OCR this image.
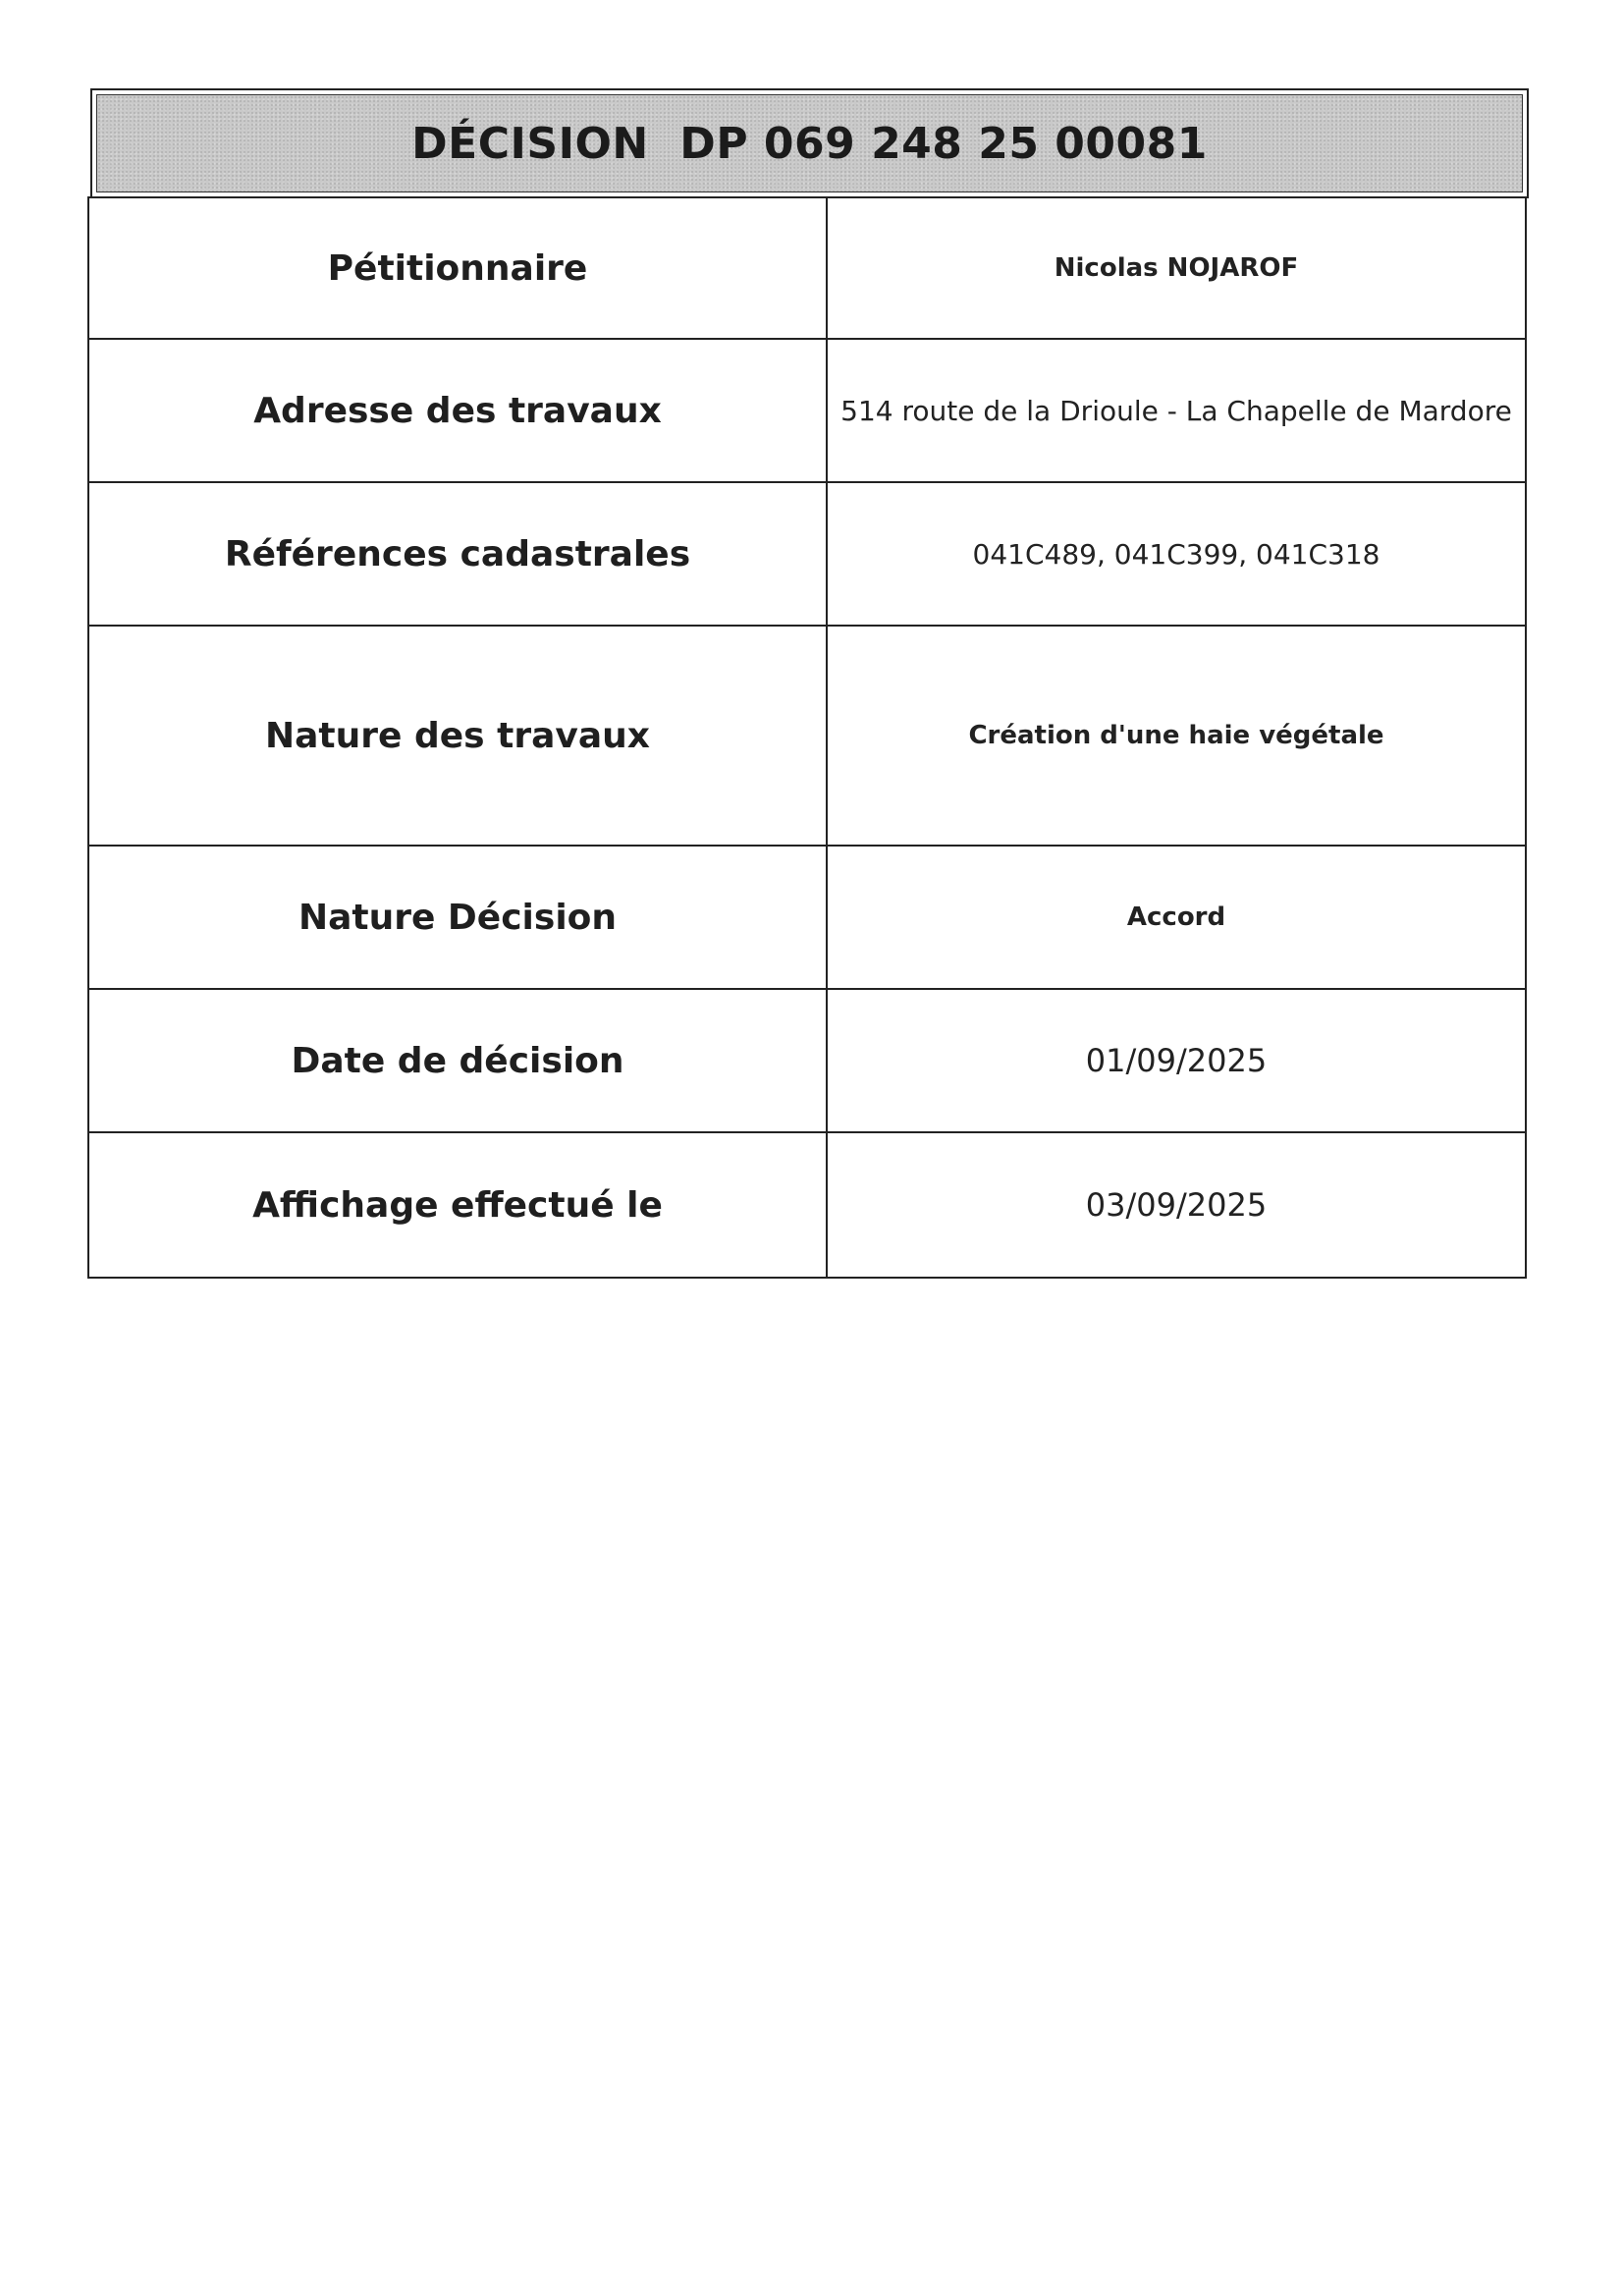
DÉCISION  DP 069 248 25 00081
Pétitionnaire	Nicolas NOJAROF
Adresse des travaux	514 route de la Drioule - La Chapelle de Mardore
Références cadastrales	041C489, 041C399, 041C318
Nature des travaux	Création d'une haie végétale
Nature Décision	Accord
Date de décision	01/09/2025
Affichage effectué le	03/09/2025
